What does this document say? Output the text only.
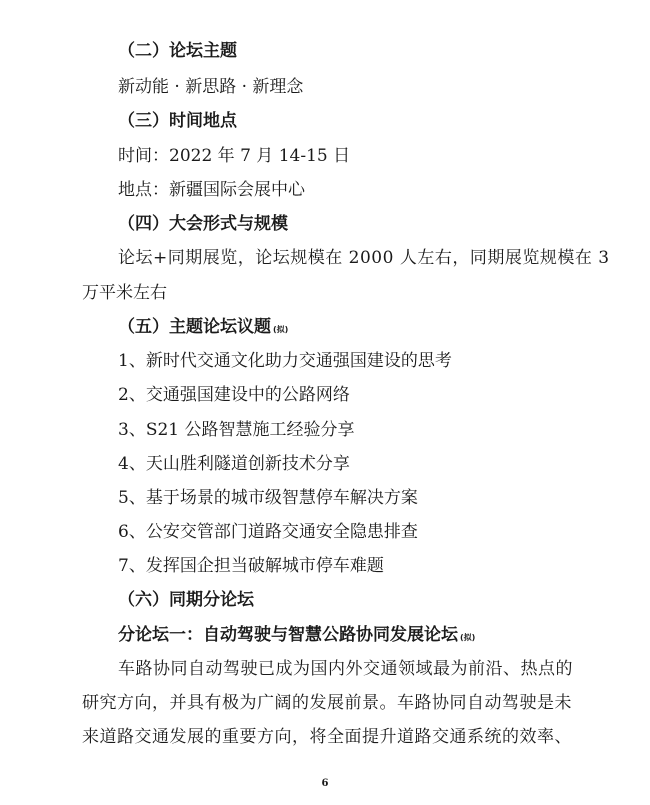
（二）论坛主题
新动能 · 新思路 · 新理念
（三）时间地点
时间：2022 年 7 月 14-15 日
地点：新疆国际会展中心
（四）大会形式与规模
论坛+同期展览，论坛规模在 2000 人左右，同期展览规模在 3
万平米左右
（五）主题论坛议题 (拟)
1、新时代交通文化助力交通强国建设的思考
2、交通强国建设中的公路网络
3、S21 公路智慧施工经验分享
4、天山胜利隧道创新技术分享
5、基于场景的城市级智慧停车解决方案
6、公安交管部门道路交通安全隐患排查
7、发挥国企担当破解城市停车难题
（六）同期分论坛
分论坛一：自动驾驶与智慧公路协同发展论坛 (拟)
车路协同自动驾驶已成为国内外交通领域最为前沿、热点的
研究方向，并具有极为广阔的发展前景。车路协同自动驾驶是未
来道路交通发展的重要方向，将全面提升道路交通系统的效率、
6
